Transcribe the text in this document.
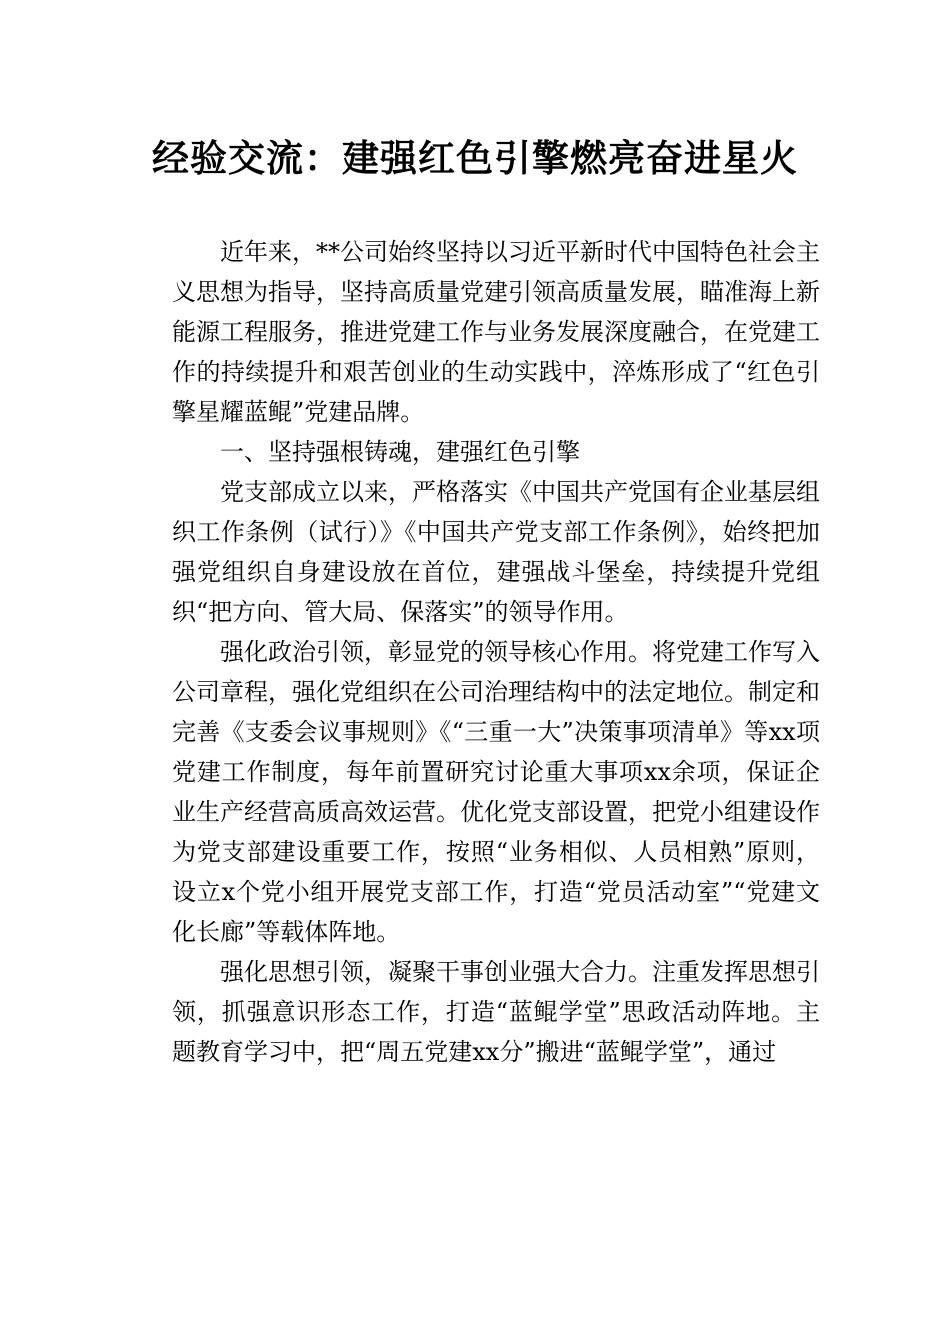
经验交流：建强红色引擎燃亮奋进星火

近年来，**公司始终坚持以习近平新时代中国特色社会主义思想为指导，坚持高质量党建引领高质量发展，瞄准海上新能源工程服务，推进党建工作与业务发展深度融合，在党建工作的持续提升和艰苦创业的生动实践中，淬炼形成了“红色引擎星耀蓝鲲”党建品牌。

一、坚持强根铸魂，建强红色引擎

党支部成立以来，严格落实《中国共产党国有企业基层组织工作条例（试行）》《中国共产党支部工作条例》，始终把加强党组织自身建设放在首位，建强战斗堡垒，持续提升党组织“把方向、管大局、保落实”的领导作用。

强化政治引领，彰显党的领导核心作用。将党建工作写入公司章程，强化党组织在公司治理结构中的法定地位。制定和完善《支委会议事规则》《“三重一大”决策事项清单》等xx项党建工作制度，每年前置研究讨论重大事项xx余项，保证企业生产经营高质高效运营。优化党支部设置，把党小组建设作为党支部建设重要工作，按照“业务相似、人员相熟”原则，设立x个党小组开展党支部工作，打造“党员活动室”“党建文化长廊”等载体阵地。

强化思想引领，凝聚干事创业强大合力。注重发挥思想引领，抓强意识形态工作，打造“蓝鲲学堂”思政活动阵地。主题教育学习中，把“周五党建xx分”搬进“蓝鲲学堂”，通过
